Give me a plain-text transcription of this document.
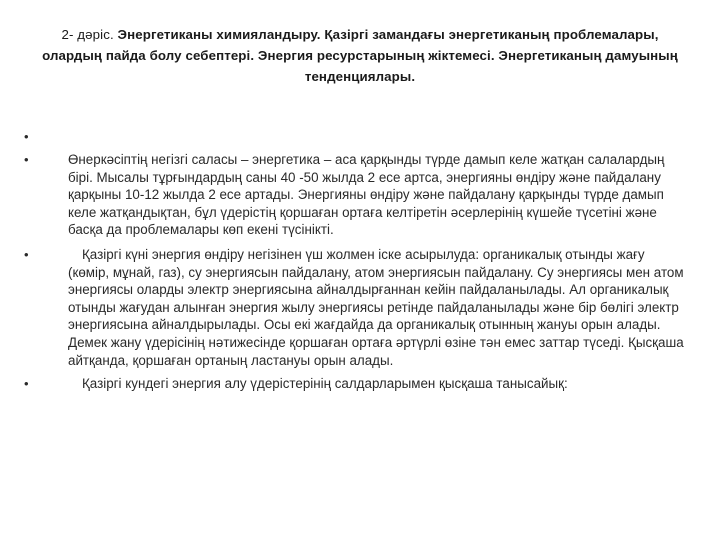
2- дәріс. Энергетиканы химияландыру. Қазіргі замандағы энергетиканың проблемалары, олардың пайда болу себептері. Энергия ресурстарының жіктемесі. Энергетиканың дамуының тенденциялары.
•
•	Өнеркәсіптің негізгі саласы – энергетика – аса қарқынды түрде дамып келе жатқан салалардың бірі. Мысалы тұрғындардың саны 40 -50 жылда 2 есе артса, энергияны өндіру және пайдалану қарқыны 10-12 жылда 2 есе артады. Энергияны өндіру және пайдалану қарқынды түрде дамып келе жатқандықтан, бұл үдерістің қоршаған ортаға келтіретін әсерлерінің күшейе түсетіні және басқа да проблемалары көп екені түсінікті.
•	Қазіргі күні энергия өндіру негізінен үш жолмен іске асырылуда: органикалық отынды жағу (көмір, мұнай, газ), су энергиясын пайдалану, атом энергиясын пайдалану. Су энергиясы мен атом энергиясы оларды электр энергиясына айналдырғаннан кейін пайдаланылады. Ал органикалық отынды жағудан алынған энергия жылу энергиясы ретінде пайдаланылады және бір бөлігі электр энергиясына айналдырылады. Осы екі жағдайда да органикалық отынның жануы орын алады. Демек жану үдерісінің нәтижесінде қоршаған ортаға әртүрлі өзіне тән емес заттар түседі. Қысқаша айтқанда, қоршаған ортаның ластануы орын алады.
•	Қазіргі кундегі энергия алу үдерістерінің салдарларымен қысқаша танысайық:
